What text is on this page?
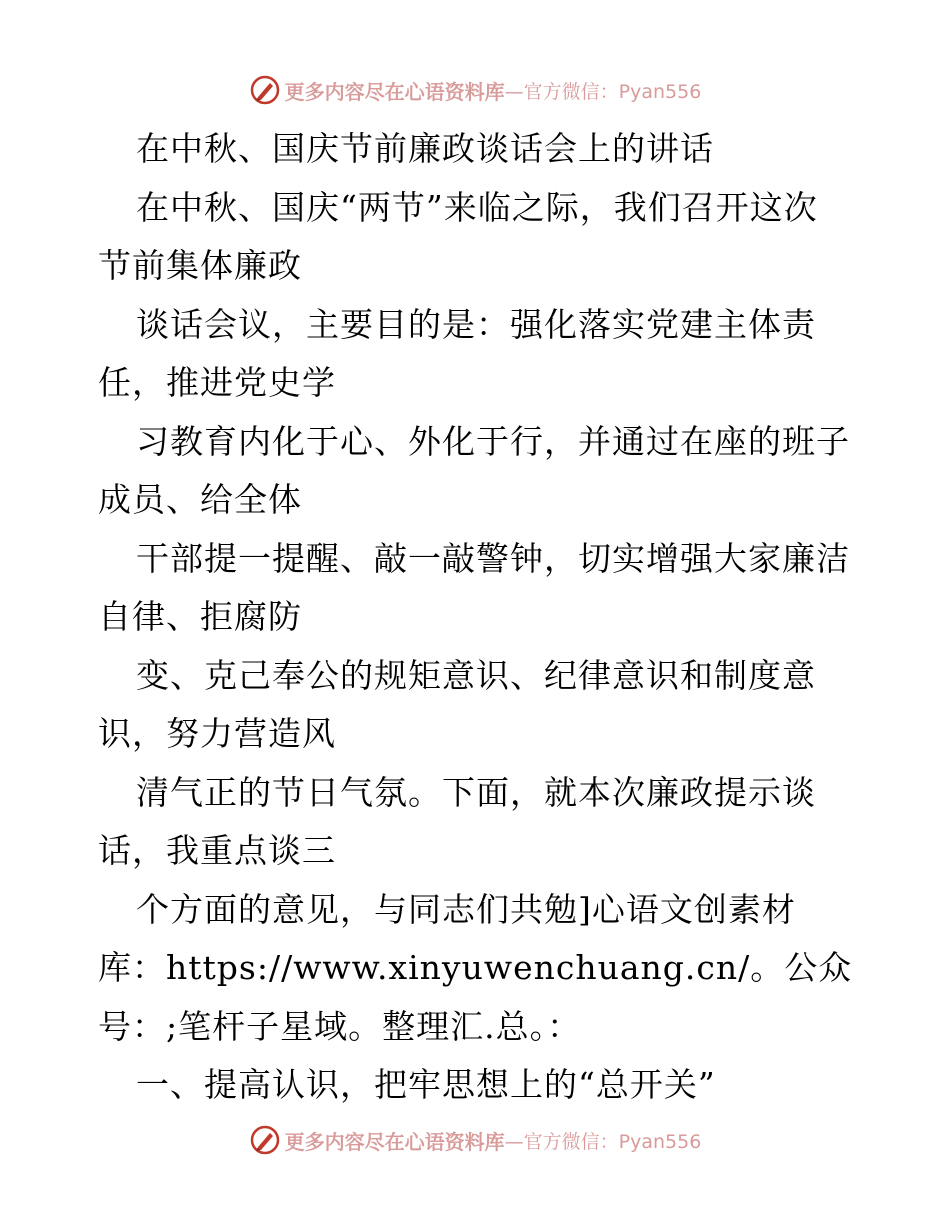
更多内容尽在心语资料库 —官方微信：Pyan556
在中秋、国庆节前廉政谈话会上的讲话
在中秋、国庆“两节”来临之际，我们召开这次
节前集体廉政
谈话会议，主要目的是：强化落实党建主体责
任，推进党史学
习教育内化于心、外化于行，并通过在座的班子
成员、给全体
干部提一提醒、敲一敲警钟，切实增强大家廉洁
自律、拒腐防
变、克己奉公的规矩意识、纪律意识和制度意
识，努力营造风
清气正的节日气氛。下面，就本次廉政提示谈
话，我重点谈三
个方面的意见，与同志们共勉]心语文创素材
库：https://www.xinyuwenchuang.cn/。公众
号：;笔杆子星域。整理汇.总。：
一、提高认识，把牢思想上的“总开关”
更多内容尽在心语资料库 —官方微信：Pyan556
